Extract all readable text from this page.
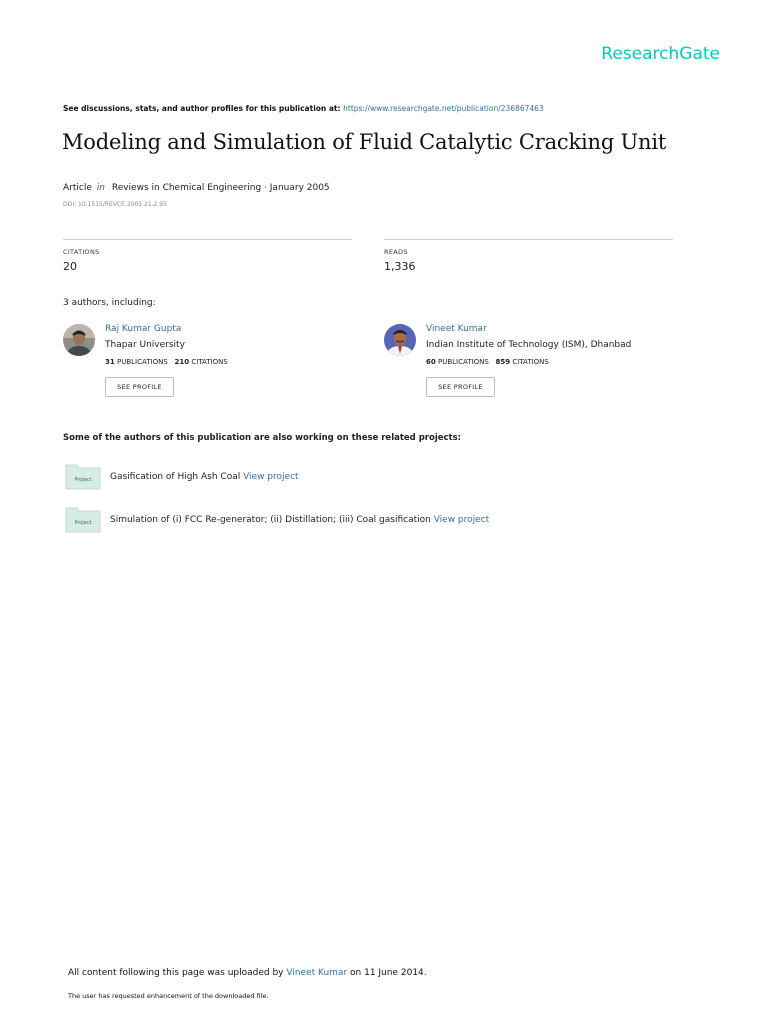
ResearchGate
See discussions, stats, and author profiles for this publication at: https://www.researchgate.net/publication/236867463
Modeling and Simulation of Fluid Catalytic Cracking Unit
Article in Reviews in Chemical Engineering · January 2005
DOI: 10.1515/REVCE.2005.21.2.95
CITATIONS
20
READS
1,336
3 authors, including:
Raj Kumar Gupta
Thapar University
31 PUBLICATIONS 210 CITATIONS
SEE PROFILE
Vineet Kumar
Indian Institute of Technology (ISM), Dhanbad
60 PUBLICATIONS 859 CITATIONS
SEE PROFILE
Some of the authors of this publication are also working on these related projects:
Project Gasification of High Ash Coal View project
Project Simulation of (i) FCC Re-generator; (ii) Distillation; (iii) Coal gasification View project
All content following this page was uploaded by Vineet Kumar on 11 June 2014.
The user has requested enhancement of the downloaded file.
